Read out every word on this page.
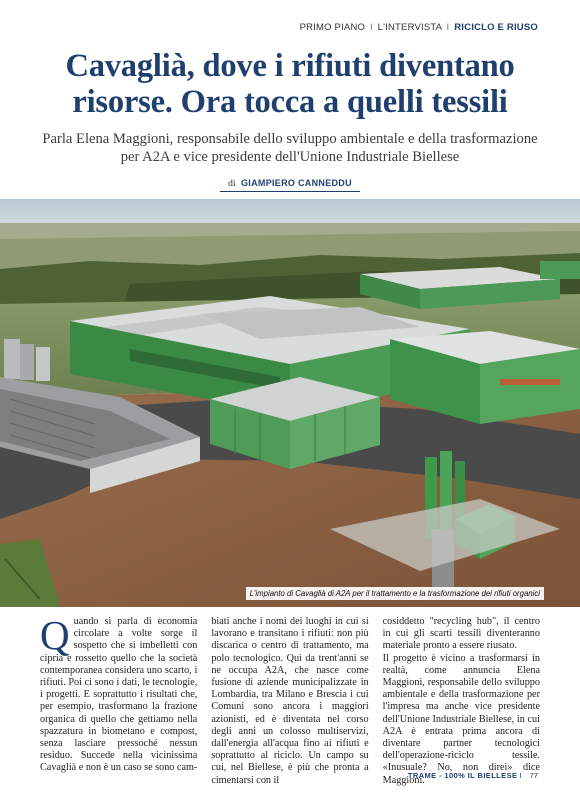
PRIMO PIANO I L'INTERVISTA I RICICLO E RIUSO
Cavaglià, dove i rifiuti diventano
risorse. Ora tocca a quelli tessili

Parla Elena Maggioni, responsabile dello sviluppo ambientale e della trasformazione
per A2A e vice presidente dell'Unione Industriale Biellese

di GIAMPIERO CANNEDDU
L'impianto di Cavaglià di A2A per il trattamento e la trasformazione dei rifiuti organici
Q uando si parla di economia circolare a volte sorge il sospetto che si imbelletti con cipria e rossetto quello che la società contemporanea considera uno scarto, i rifiuti. Poi ci sono i dati, le tecnologie, i progetti. E soprattutto i risultati che, per esempio, trasformano la frazione organica di quello che gettiamo nella spazzatura in biometano e compost, senza lasciare pressoché nessun residuo. Succede nella vicinissima Cavaglià e non è un caso se sono cam-
biati anche i nomi dei luoghi in cui si lavorano e transitano i rifiuti: non più discarica o centro di trattamento, ma polo tecnologico. Qui da trent'anni se ne occupa A2A, che nasce come fusione di aziende municipalizzate in Lombardia, tra Milano e Brescia i cui Comuni sono ancora i maggiori azionisti, ed è diventata nel corso degli anni un colosso multiservizi, dall'energia all'acqua fino ai rifiuti e soprattutto al riciclo. Un campo su cui, nel Biellese, è più che pronta a cimentarsi con il

cosiddetto "recycling hub", il centro in cui gli scarti tessili diventeranno materiale pronto a essere riusato.

Il progetto è vicino a trasformarsi in realtà, come annuncia Elena Maggioni, responsabile dello sviluppo ambientale e della trasformazione per l'impresa ma anche vice presidente dell'Unione Industriale Biellese, in cui A2A è entrata prima ancora di diventare partner tecnologici dell'operazione-riciclo tessile. «Inusuale? No, non direi» dice Maggioni.

TRAME - 100% IL BIELLESE I 77
